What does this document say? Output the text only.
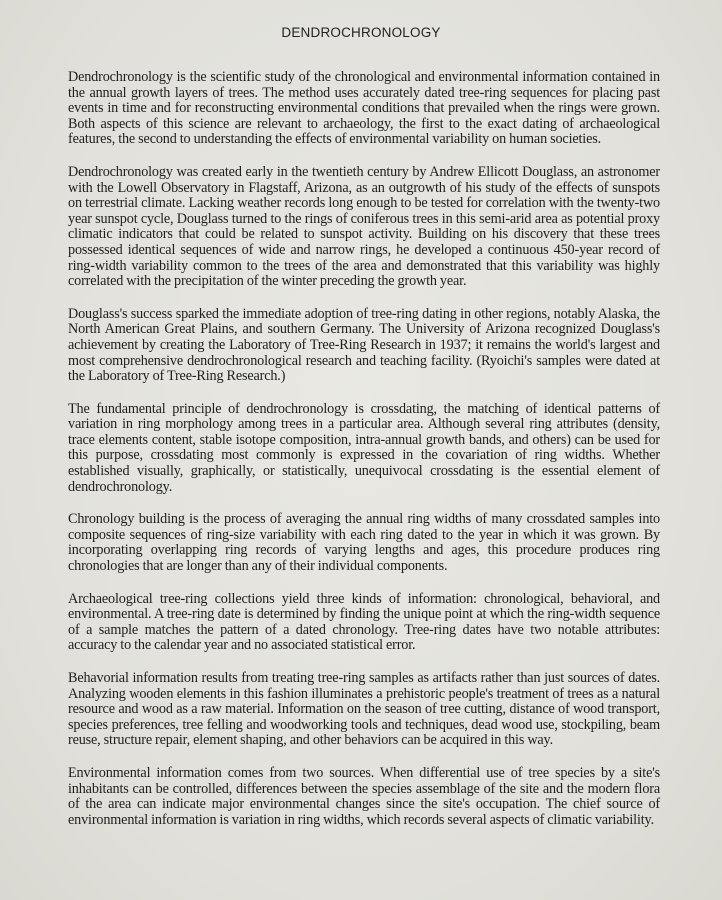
DENDROCHRONOLOGY

Dendrochronology is the scientific study of the chronological and environmental information contained in the annual growth layers of trees. The method uses accurately dated tree-ring sequences for placing past events in time and for reconstructing environmental conditions that prevailed when the rings were grown. Both aspects of this science are relevant to archaeology, the first to the exact dating of archaeological features, the second to understanding the effects of environmental variability on human societies.

Dendrochronology was created early in the twentieth century by Andrew Ellicott Douglass, an astronomer with the Lowell Observatory in Flagstaff, Arizona, as an outgrowth of his study of the effects of sunspots on terrestrial climate. Lacking weather records long enough to be tested for correlation with the twenty-two year sunspot cycle, Douglass turned to the rings of coniferous trees in this semi-arid area as potential proxy climatic indicators that could be related to sunspot activity. Building on his discovery that these trees possessed identical sequences of wide and narrow rings, he developed a continuous 450-year record of ring-width variability common to the trees of the area and demonstrated that this variability was highly correlated with the precipitation of the winter preceding the growth year.

Douglass's success sparked the immediate adoption of tree-ring dating in other regions, notably Alaska, the North American Great Plains, and southern Germany. The University of Arizona recognized Douglass's achievement by creating the Laboratory of Tree-Ring Research in 1937; it remains the world's largest and most comprehensive dendrochronological research and teaching facility. (Ryoichi's samples were dated at the Laboratory of Tree-Ring Research.)

The fundamental principle of dendrochronology is crossdating, the matching of identical patterns of variation in ring morphology among trees in a particular area. Although several ring attributes (density, trace elements content, stable isotope composition, intra-annual growth bands, and others) can be used for this purpose, crossdating most commonly is expressed in the covariation of ring widths. Whether established visually, graphically, or statistically, unequivocal crossdating is the essential element of dendrochronology.

Chronology building is the process of averaging the annual ring widths of many crossdated samples into composite sequences of ring-size variability with each ring dated to the year in which it was grown. By incorporating overlapping ring records of varying lengths and ages, this procedure produces ring chronologies that are longer than any of their individual components.

Archaeological tree-ring collections yield three kinds of information: chronological, behavioral, and environmental. A tree-ring date is determined by finding the unique point at which the ring-width sequence of a sample matches the pattern of a dated chronology. Tree-ring dates have two notable attributes: accuracy to the calendar year and no associated statistical error.

Behavorial information results from treating tree-ring samples as artifacts rather than just sources of dates. Analyzing wooden elements in this fashion illuminates a prehistoric people's treatment of trees as a natural resource and wood as a raw material. Information on the season of tree cutting, distance of wood transport, species preferences, tree felling and woodworking tools and techniques, dead wood use, stockpiling, beam reuse, structure repair, element shaping, and other behaviors can be acquired in this way.

Environmental information comes from two sources. When differential use of tree species by a site's inhabitants can be controlled, differences between the species assemblage of the site and the modern flora of the area can indicate major environmental changes since the site's occupation. The chief source of environmental information is variation in ring widths, which records several aspects of climatic variability.
